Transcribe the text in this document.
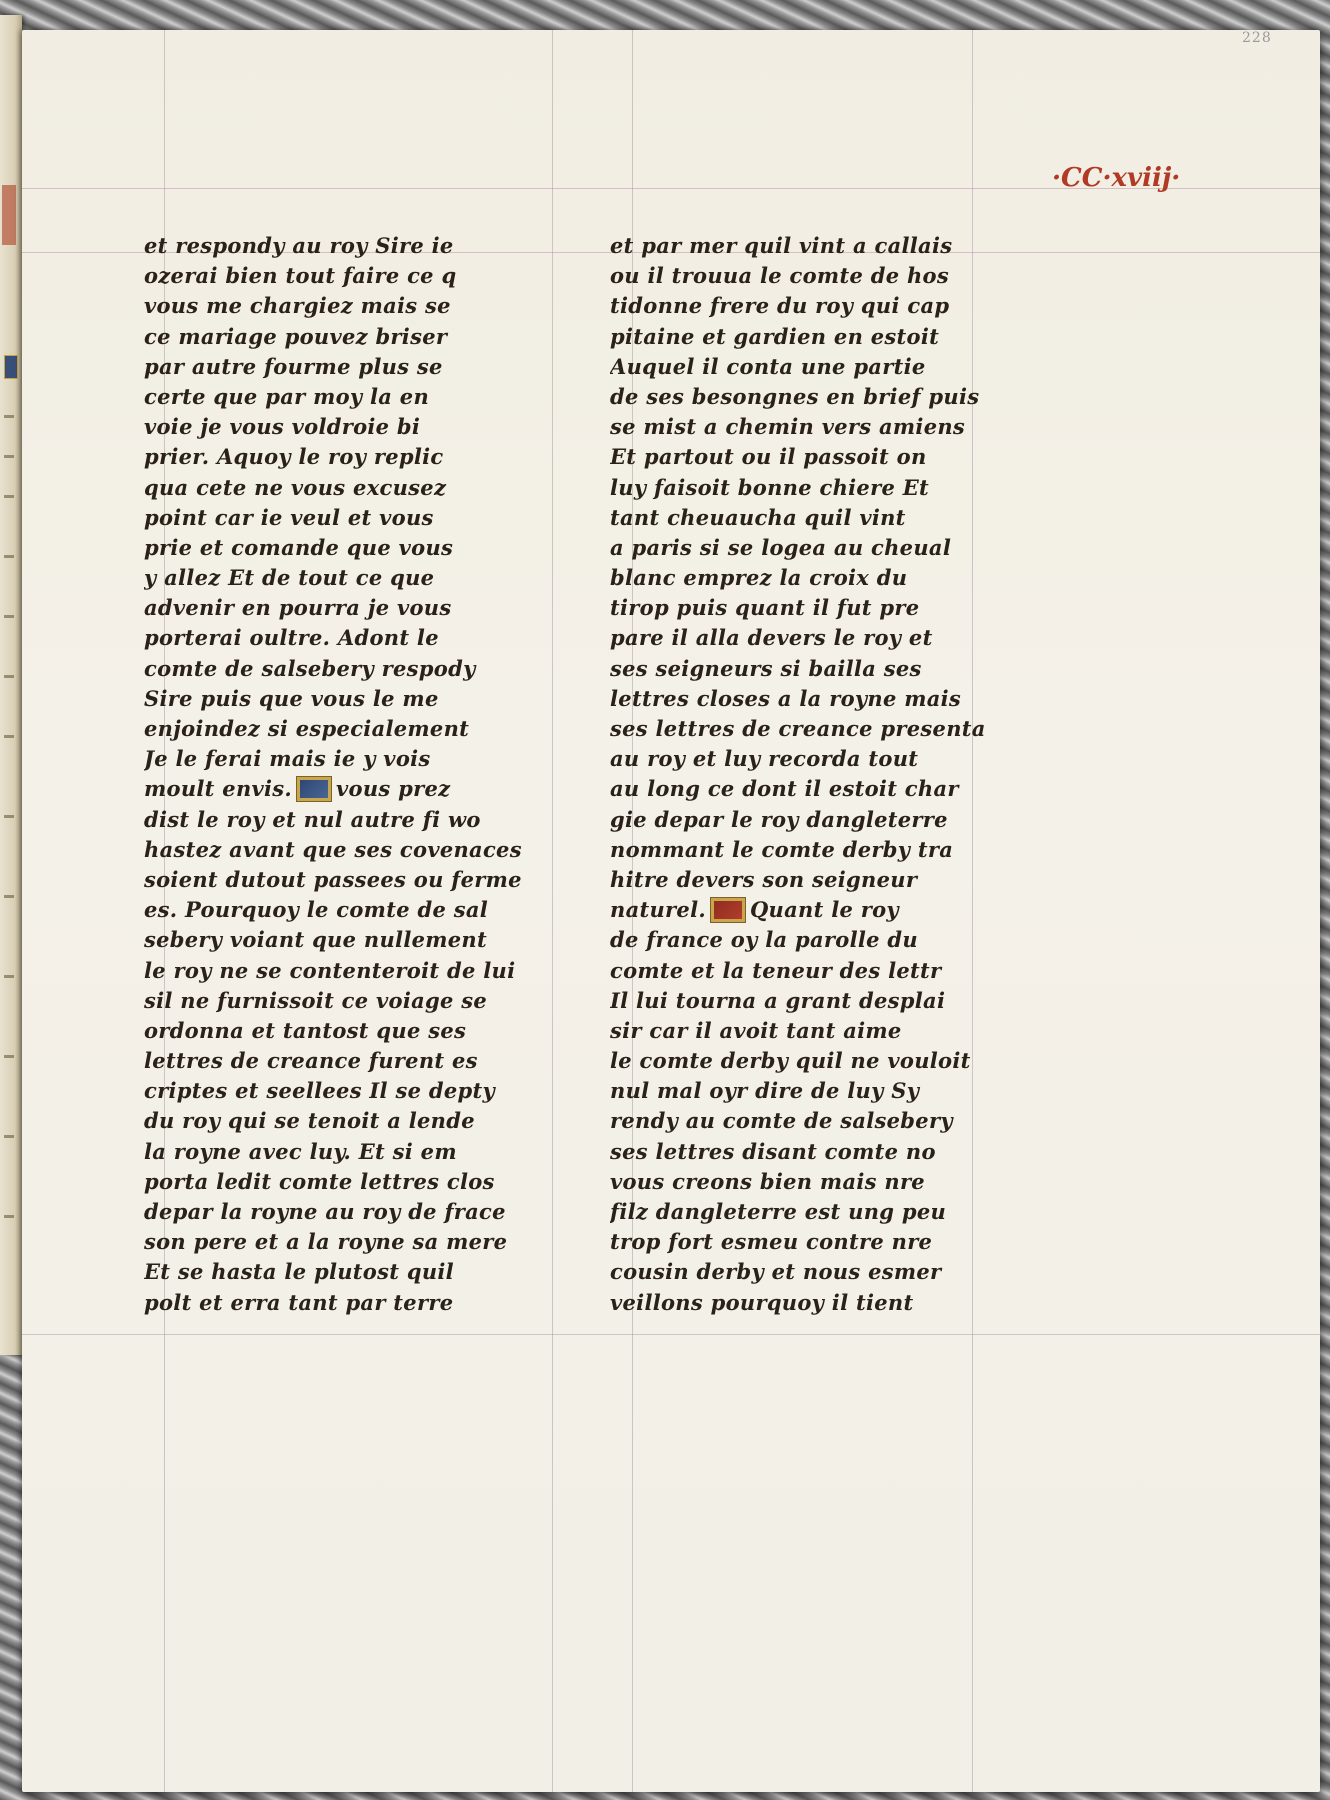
228
·CC·xviij·
et respondy au roy Sire ie
ozerai bien tout faire ce q
vous me chargiez mais se
ce mariage pouvez briser
par autre fourme plus se
certe que par moy la en
voie je vous voldroie bi
prier. Aquoy le roy replic
qua cete ne vous excusez
point car ie veul et vous
prie et comande que vous
y allez Et de tout ce que
advenir en pourra je vous
porterai oultre. Adont le
comte de salsebery respody
Sire puis que vous le me
enjoindez si especialement
Je le ferai mais ie y vois
moult envis. vous prez
dist le roy et nul autre fi wo
hastez avant que ses covenaces
soient dutout passees ou ferme
es. Pourquoy le comte de sal
sebery voiant que nullement
le roy ne se contenteroit de lui
sil ne furnissoit ce voiage se
ordonna et tantost que ses
lettres de creance furent es
criptes et seellees Il se depty
du roy qui se tenoit a lende
la royne avec luy. Et si em
porta ledit comte lettres clos
depar la royne au roy de frace
son pere et a la royne sa mere
Et se hasta le plutost quil
polt et erra tant par terre
et par mer quil vint a callais
ou il trouua le comte de hos
tidonne frere du roy qui cap
pitaine et gardien en estoit
Auquel il conta une partie
de ses besongnes en brief puis
se mist a chemin vers amiens
Et partout ou il passoit on
luy faisoit bonne chiere Et
tant cheuaucha quil vint
a paris si se logea au cheual
blanc emprez la croix du
tirop puis quant il fut pre
pare il alla devers le roy et
ses seigneurs si bailla ses
lettres closes a la royne mais
ses lettres de creance presenta
au roy et luy recorda tout
au long ce dont il estoit char
gie depar le roy dangleterre
nommant le comte derby tra
hitre devers son seigneur
naturel. Quant le roy
de france oy la parolle du
comte et la teneur des lettr
Il lui tourna a grant desplai
sir car il avoit tant aime
le comte derby quil ne vouloit
nul mal oyr dire de luy Sy
rendy au comte de salsebery
ses lettres disant comte no
vous creons bien mais nre
filz dangleterre est ung peu
trop fort esmeu contre nre
cousin derby et nous esmer
veillons pourquoy il tient
